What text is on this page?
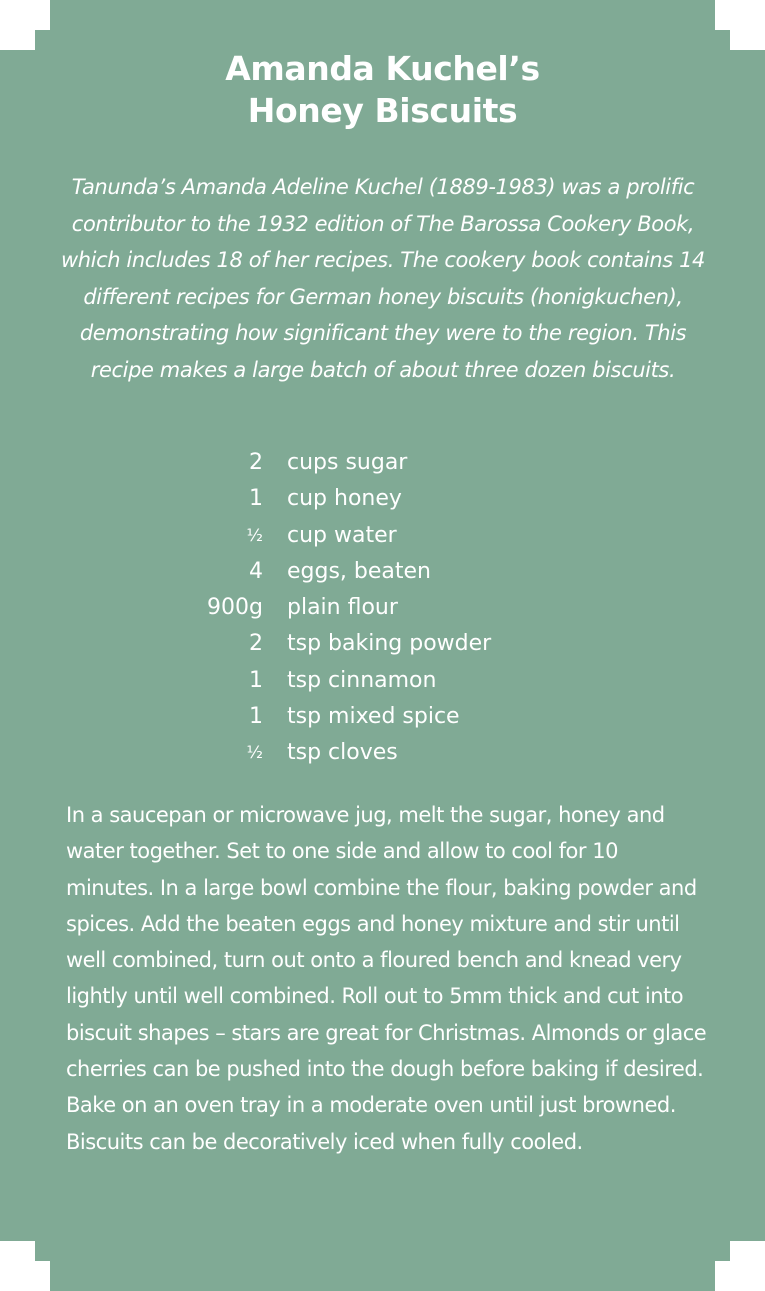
Amanda Kuchel’s
Honey Biscuits

Tanunda’s Amanda Adeline Kuchel (1889-1983) was a prolific contributor to the 1932 edition of The Barossa Cookery Book, which includes 18 of her recipes. The cookery book contains 14 different recipes for German honey biscuits (honigkuchen), demonstrating how significant they were to the region. This recipe makes a large batch of about three dozen biscuits.

2 cups sugar
1 cup honey
½ cup water
4 eggs, beaten
900g plain flour
2 tsp baking powder
1 tsp cinnamon
1 tsp mixed spice
½ tsp cloves

In a saucepan or microwave jug, melt the sugar, honey and water together. Set to one side and allow to cool for 10 minutes. In a large bowl combine the flour, baking powder and spices. Add the beaten eggs and honey mixture and stir until well combined, turn out onto a floured bench and knead very lightly until well combined. Roll out to 5mm thick and cut into biscuit shapes – stars are great for Christmas. Almonds or glace cherries can be pushed into the dough before baking if desired. Bake on an oven tray in a moderate oven until just browned. Biscuits can be decoratively iced when fully cooled.
